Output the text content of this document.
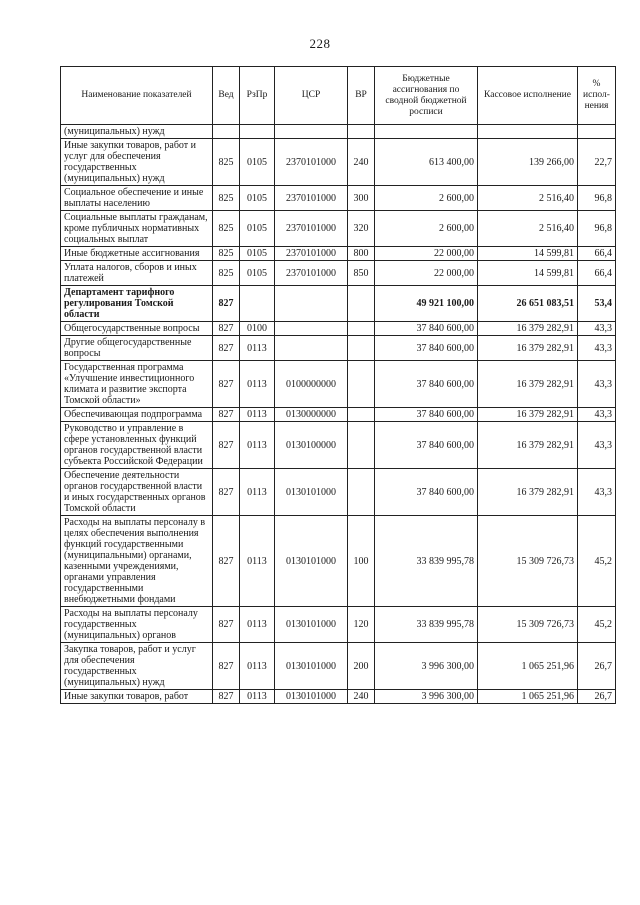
228
Наименование показателей	Вед	РзПр	ЦСР	ВР	Бюджетные ассигнования по сводной бюджетной росписи	Кассовое исполнение	% испол-нения
(муниципальных) нужд							
Иные закупки товаров, работ и услуг для обеспечения государственных (муниципальных) нужд	825	0105	2370101000	240	613 400,00	139 266,00	22,7
Социальное обеспечение и иные выплаты населению	825	0105	2370101000	300	2 600,00	2 516,40	96,8
Социальные выплаты гражданам, кроме публичных нормативных социальных выплат	825	0105	2370101000	320	2 600,00	2 516,40	96,8
Иные бюджетные ассигнования	825	0105	2370101000	800	22 000,00	14 599,81	66,4
Уплата налогов, сборов и иных платежей	825	0105	2370101000	850	22 000,00	14 599,81	66,4
Департамент тарифного регулирования Томской области	827				49 921 100,00	26 651 083,51	53,4
Общегосударственные вопросы	827	0100			37 840 600,00	16 379 282,91	43,3
Другие общегосударственные вопросы	827	0113			37 840 600,00	16 379 282,91	43,3
Государственная программа «Улучшение инвестиционного климата и развитие экспорта Томской области»	827	0113	0100000000		37 840 600,00	16 379 282,91	43,3
Обеспечивающая подпрограмма	827	0113	0130000000		37 840 600,00	16 379 282,91	43,3
Руководство и управление в сфере установленных функций органов государственной власти субъекта Российской Федерации	827	0113	0130100000		37 840 600,00	16 379 282,91	43,3
Обеспечение деятельности органов государственной власти и иных государственных органов Томской области	827	0113	0130101000		37 840 600,00	16 379 282,91	43,3
Расходы на выплаты персоналу в целях обеспечения выполнения функций государственными (муниципальными) органами, казенными учреждениями, органами управления государственными внебюджетными фондами	827	0113	0130101000	100	33 839 995,78	15 309 726,73	45,2
Расходы на выплаты персоналу государственных (муниципальных) органов	827	0113	0130101000	120	33 839 995,78	15 309 726,73	45,2
Закупка товаров, работ и услуг для обеспечения государственных (муниципальных) нужд	827	0113	0130101000	200	3 996 300,00	1 065 251,96	26,7
Иные закупки товаров, работ	827	0113	0130101000	240	3 996 300,00	1 065 251,96	26,7
